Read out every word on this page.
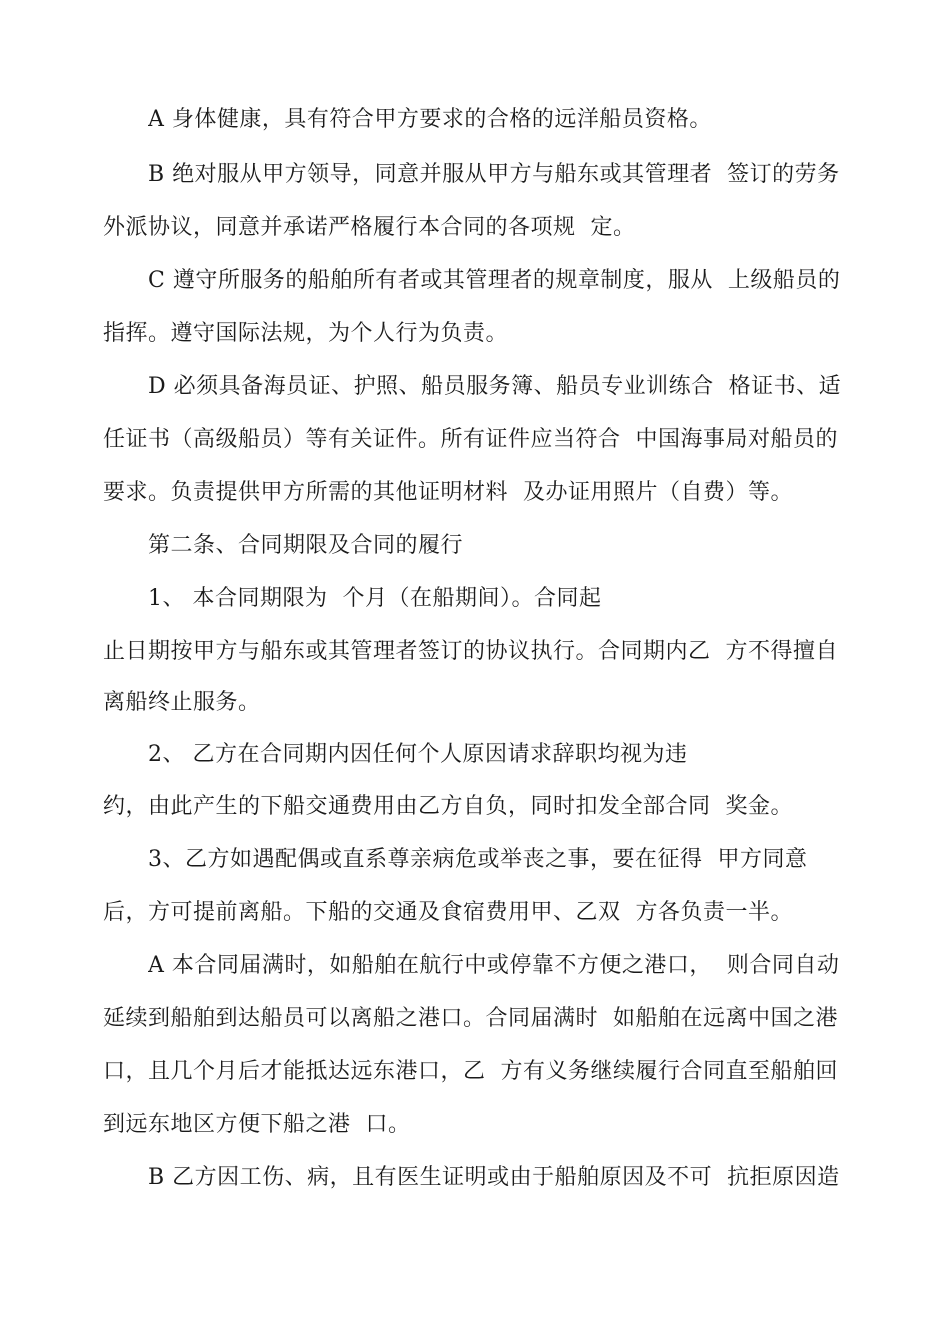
A 身体健康，具有符合甲方要求的合格的远洋船员资格。
B 绝对服从甲方领导，同意并服从甲方与船东或其管理者  签订的劳务
外派协议，同意并承诺严格履行本合同的各项规  定。
C 遵守所服务的船舶所有者或其管理者的规章制度，服从  上级船员的
指挥。遵守国际法规，为个人行为负责。
D 必须具备海员证、护照、船员服务簿、船员专业训练合  格证书、适
任证书（高级船员）等有关证件。所有证件应当符合  中国海事局对船员的
要求。负责提供甲方所需的其他证明材料  及办证用照片（自费）等。
第二条、合同期限及合同的履行
1、 本合同期限为  个月（在船期间）。合同起
止日期按甲方与船东或其管理者签订的协议执行。合同期内乙  方不得擅自
离船终止服务。
2、 乙方在合同期内因任何个人原因请求辞职均视为违
约，由此产生的下船交通费用由乙方自负，同时扣发全部合同  奖金。
3、乙方如遇配偶或直系尊亲病危或举丧之事，要在征得  甲方同意
后，方可提前离船。下船的交通及食宿费用甲、乙双  方各负责一半。
A 本合同届满时，如船舶在航行中或停靠不方便之港口，  则合同自动
延续到船舶到达船员可以离船之港口。合同届满时  如船舶在远离中国之港
口，且几个月后才能抵达远东港口，乙  方有义务继续履行合同直至船舶回
到远东地区方便下船之港  口。
B 乙方因工伤、病，且有医生证明或由于船舶原因及不可  抗拒原因造
